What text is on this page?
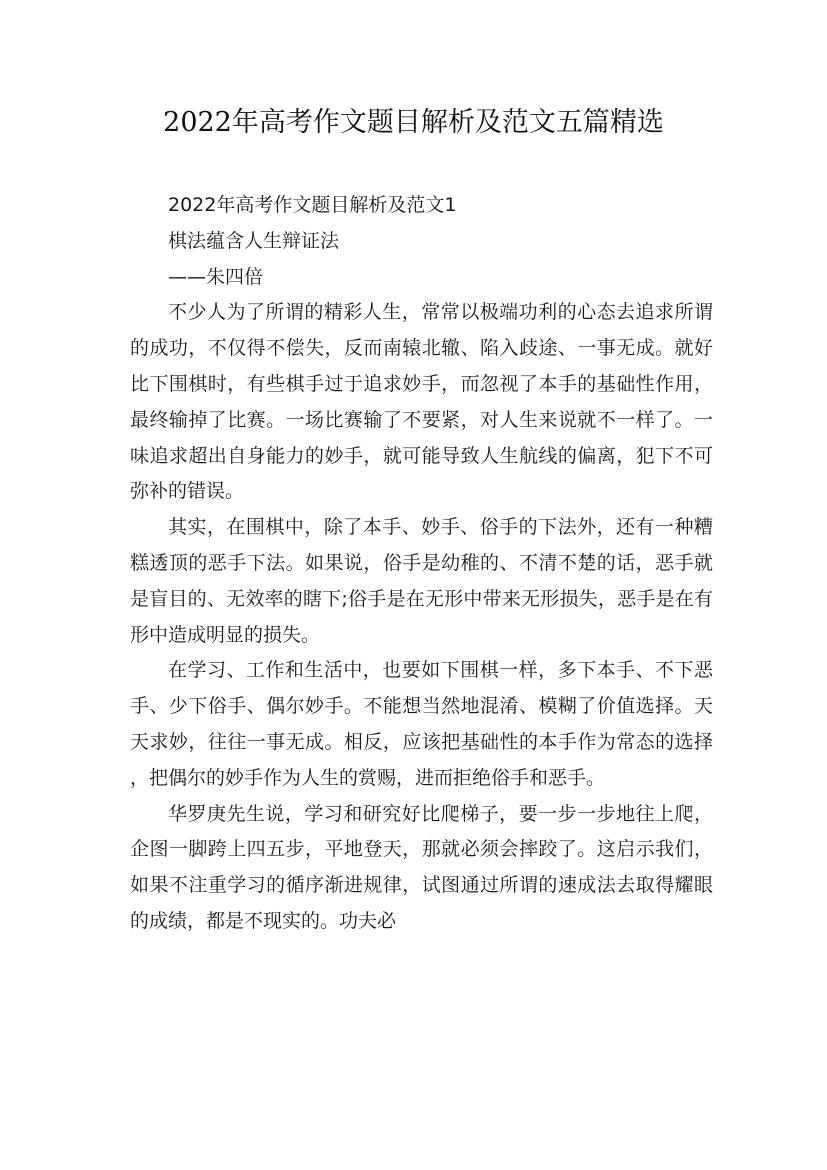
2022年高考作文题目解析及范文五篇精选

2022年高考作文题目解析及范文1

棋法蕴含人生辩证法

——朱四倍

不少人为了所谓的精彩人生，常常以极端功利的心态去追求所谓的成功，不仅得不偿失，反而南辕北辙、陷入歧途、一事无成。就好比下围棋时，有些棋手过于追求妙手，而忽视了本手的基础性作用，最终输掉了比赛。一场比赛输了不要紧，对人生来说就不一样了。一味追求超出自身能力的妙手，就可能导致人生航线的偏离，犯下不可弥补的错误。

其实，在围棋中，除了本手、妙手、俗手的下法外，还有一种糟糕透顶的恶手下法。如果说，俗手是幼稚的、不清不楚的话，恶手就是盲目的、无效率的瞎下;俗手是在无形中带来无形损失，恶手是在有形中造成明显的损失。

在学习、工作和生活中，也要如下围棋一样，多下本手、不下恶手、少下俗手、偶尔妙手。不能想当然地混淆、模糊了价值选择。天天求妙，往往一事无成。相反，应该把基础性的本手作为常态的选择，把偶尔的妙手作为人生的赏赐，进而拒绝俗手和恶手。

华罗庚先生说，学习和研究好比爬梯子，要一步一步地往上爬，企图一脚跨上四五步，平地登天，那就必须会摔跤了。这启示我们，如果不注重学习的循序渐进规律，试图通过所谓的速成法去取得耀眼的成绩，都是不现实的。功夫必
